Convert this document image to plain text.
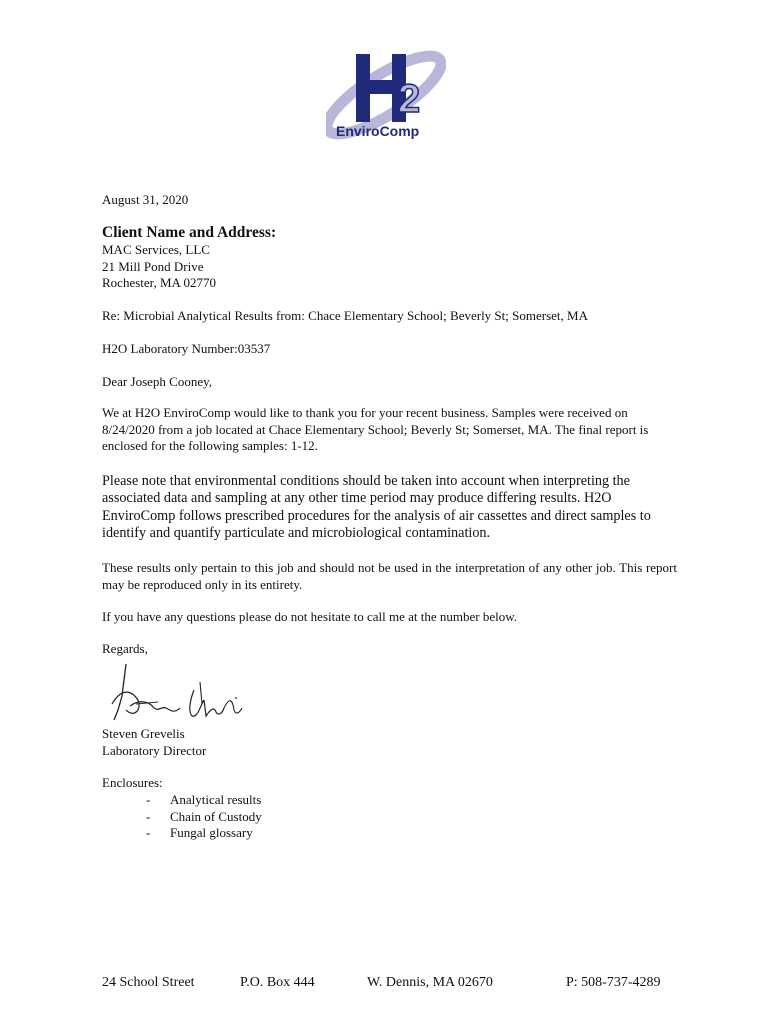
2
EnviroComp

August 31, 2020

Client Name and Address:

MAC Services, LLC
21 Mill Pond Drive
Rochester, MA 02770

Re: Microbial Analytical Results from: Chace Elementary School; Beverly St; Somerset, MA

H2O Laboratory Number:03537

Dear Joseph Cooney,

We at H2O EnviroComp would like to thank you for your recent business. Samples were received on 8/24/2020 from a job located at Chace Elementary School; Beverly St; Somerset, MA. The final report is enclosed for the following samples: 1-12.

Please note that environmental conditions should be taken into account when interpreting the associated data and sampling at any other time period may produce differing results. H2O EnviroComp follows prescribed procedures for the analysis of air cassettes and direct samples to identify and quantify particulate and microbiological contamination.

These results only pertain to this job and should not be used in the interpretation of any other job. This report may be reproduced only in its entirety.

If you have any questions please do not hesitate to call me at the number below.

Regards,

Steven Grevelis
Laboratory Director

Enclosures:

- Analytical results
- Chain of Custody
- Fungal glossary
24 School Street	P.O. Box 444	W. Dennis, MA 02670	P: 508-737-4289
